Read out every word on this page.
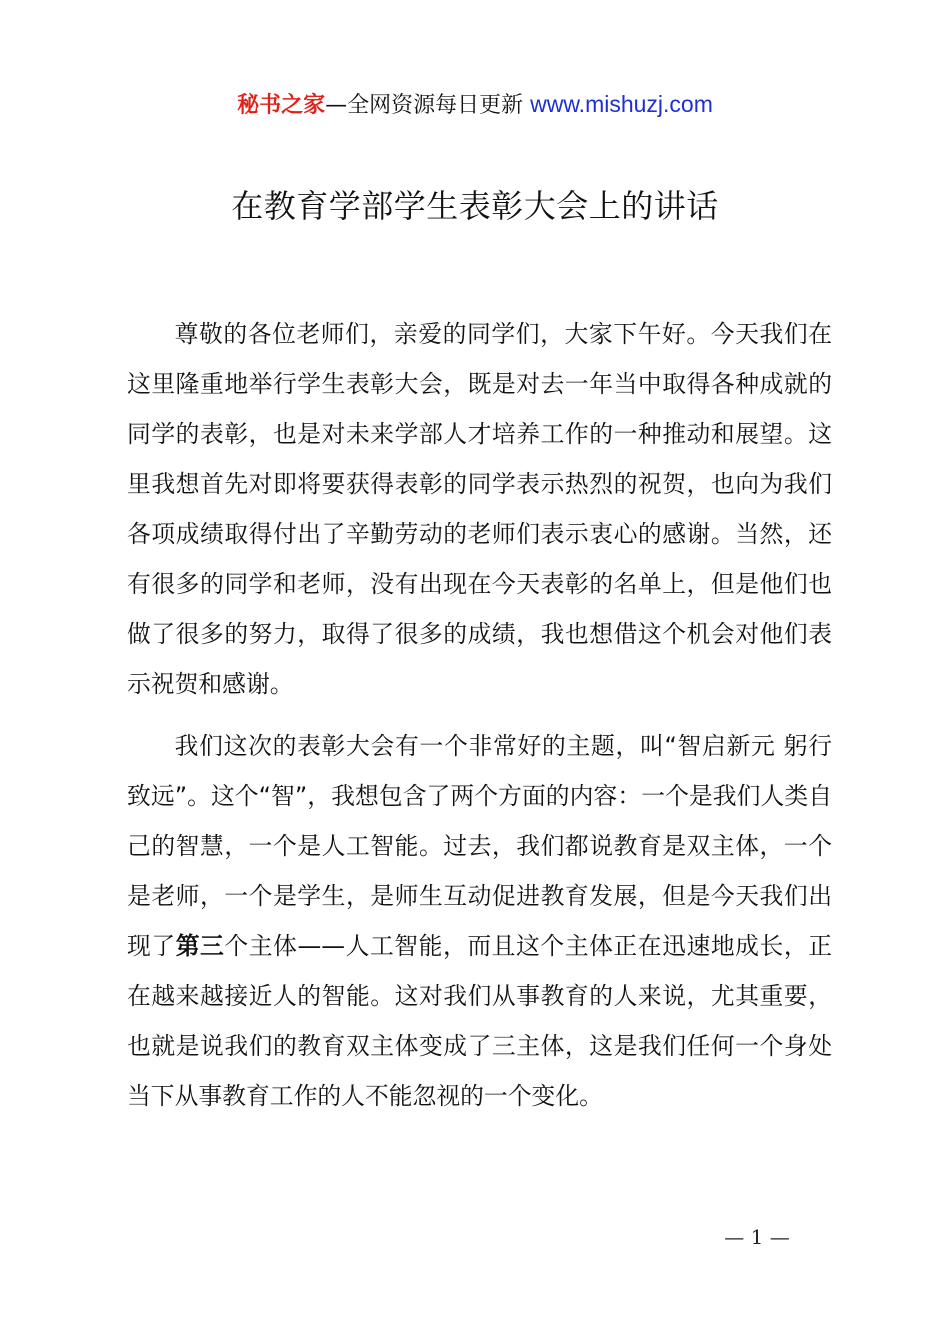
秘书之家—全网资源每日更新 www.mishuzj.com
在教育学部学生表彰大会上的讲话

尊敬的各位老师们，亲爱的同学们，大家下午好。今天我们在这里隆重地举行学生表彰大会，既是对去一年当中取得各种成就的同学的表彰，也是对未来学部人才培养工作的一种推动和展望。这里我想首先对即将要获得表彰的同学表示热烈的祝贺，也向为我们各项成绩取得付出了辛勤劳动的老师们表示衷心的感谢。当然，还有很多的同学和老师，没有出现在今天表彰的名单上，但是他们也做了很多的努力，取得了很多的成绩，我也想借这个机会对他们表示祝贺和感谢。

我们这次的表彰大会有一个非常好的主题，叫“智启新元 躬行致远”。这个“智”，我想包含了两个方面的内容：一个是我们人类自己的智慧，一个是人工智能。过去，我们都说教育是双主体，一个是老师，一个是学生，是师生互动促进教育发展，但是今天我们出现了第三个主体——人工智能，而且这个主体正在迅速地成长，正在越来越接近人的智能。这对我们从事教育的人来说，尤其重要，也就是说我们的教育双主体变成了三主体，这是我们任何一个身处当下从事教育工作的人不能忽视的一个变化。

— 1 —
